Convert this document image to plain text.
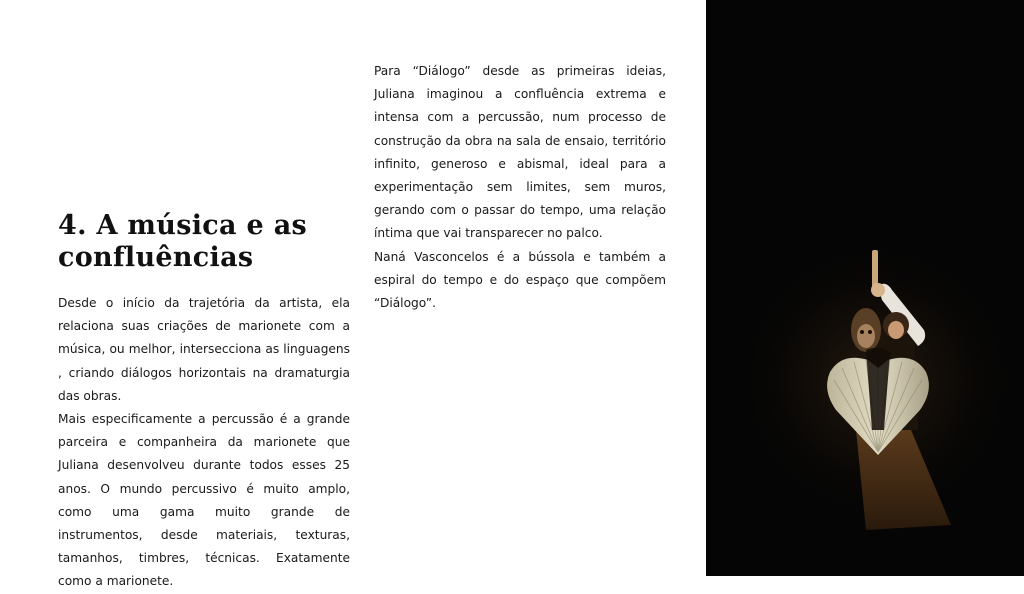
4. A música e as
confluências

Desde o início da trajetória da artista, ela relaciona suas criações de marionete com a música, ou melhor, intersecciona as linguagens , criando diálogos horizontais na dramaturgia das obras.

Mais especificamente a percussão é a grande parceira e companheira da marionete que Juliana desenvolveu durante todos esses 25 anos. O mundo percussivo é muito amplo, como uma gama muito grande de instrumentos, desde materiais, texturas, tamanhos, timbres, técnicas. Exatamente como a marionete.

Para “Diálogo” desde as primeiras ideias, Juliana imaginou a confluência extrema e intensa com a percussão, num processo de construção da obra na sala de ensaio, território infinito, generoso e abismal, ideal para a experimentação sem limites, sem muros, gerando com o passar do tempo, uma relação íntima que vai transparecer no palco.

Naná Vasconcelos é a bússola e também a espiral do tempo e do espaço que compõem “Diálogo”.
